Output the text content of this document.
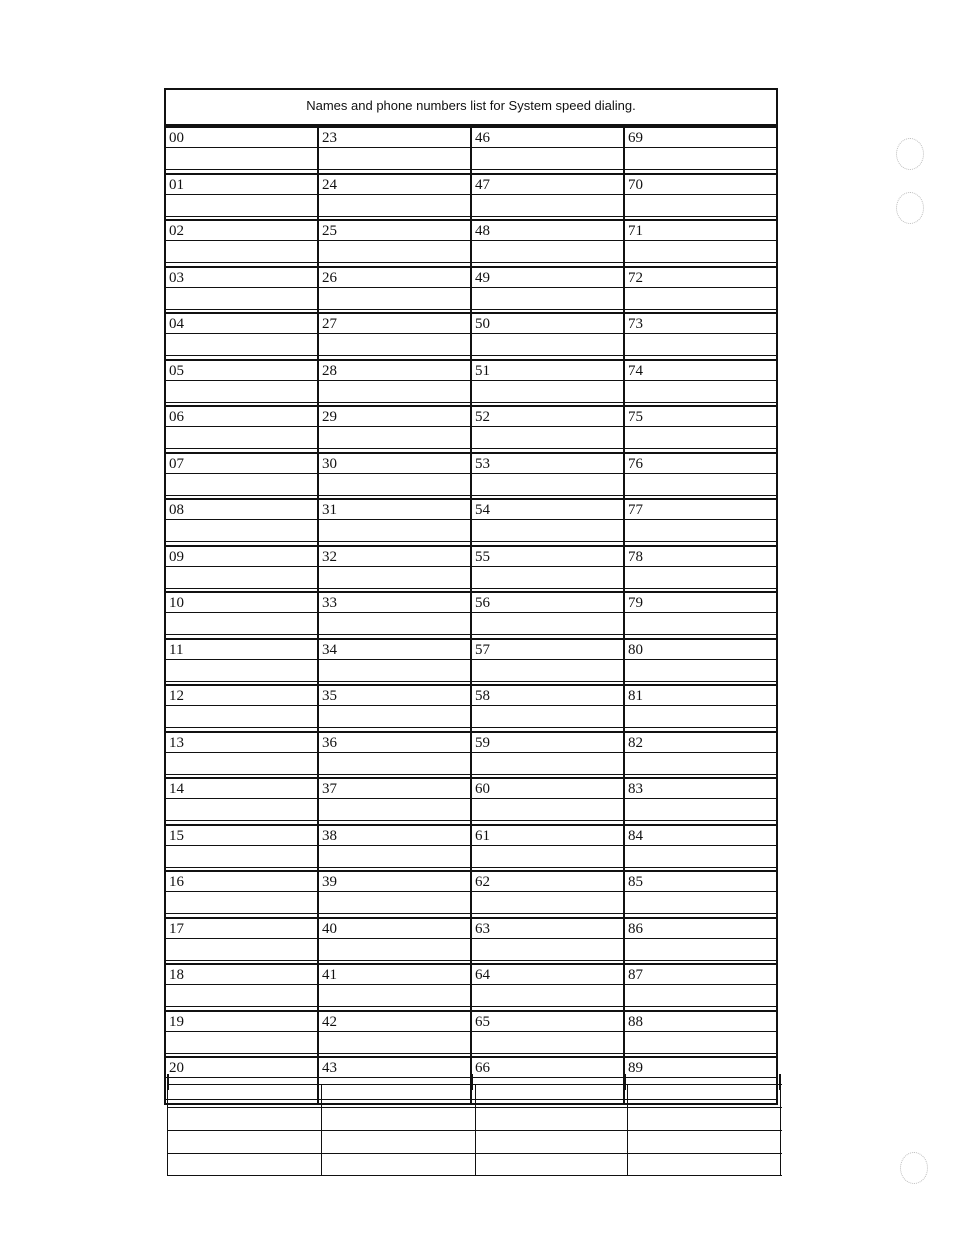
Names and phone numbers list for System speed dialing.
00	23	46	69
01	24	47	70
02	25	48	71
03	26	49	72
04	27	50	73
05	28	51	74
06	29	52	75
07	30	53	76
08	31	54	77
09	32	55	78
10	33	56	79
11	34	57	80
12	35	58	81
13	36	59	82
14	37	60	83
15	38	61	84
16	39	62	85
17	40	63	86
18	41	64	87
19	42	65	88
20	43	66	89
